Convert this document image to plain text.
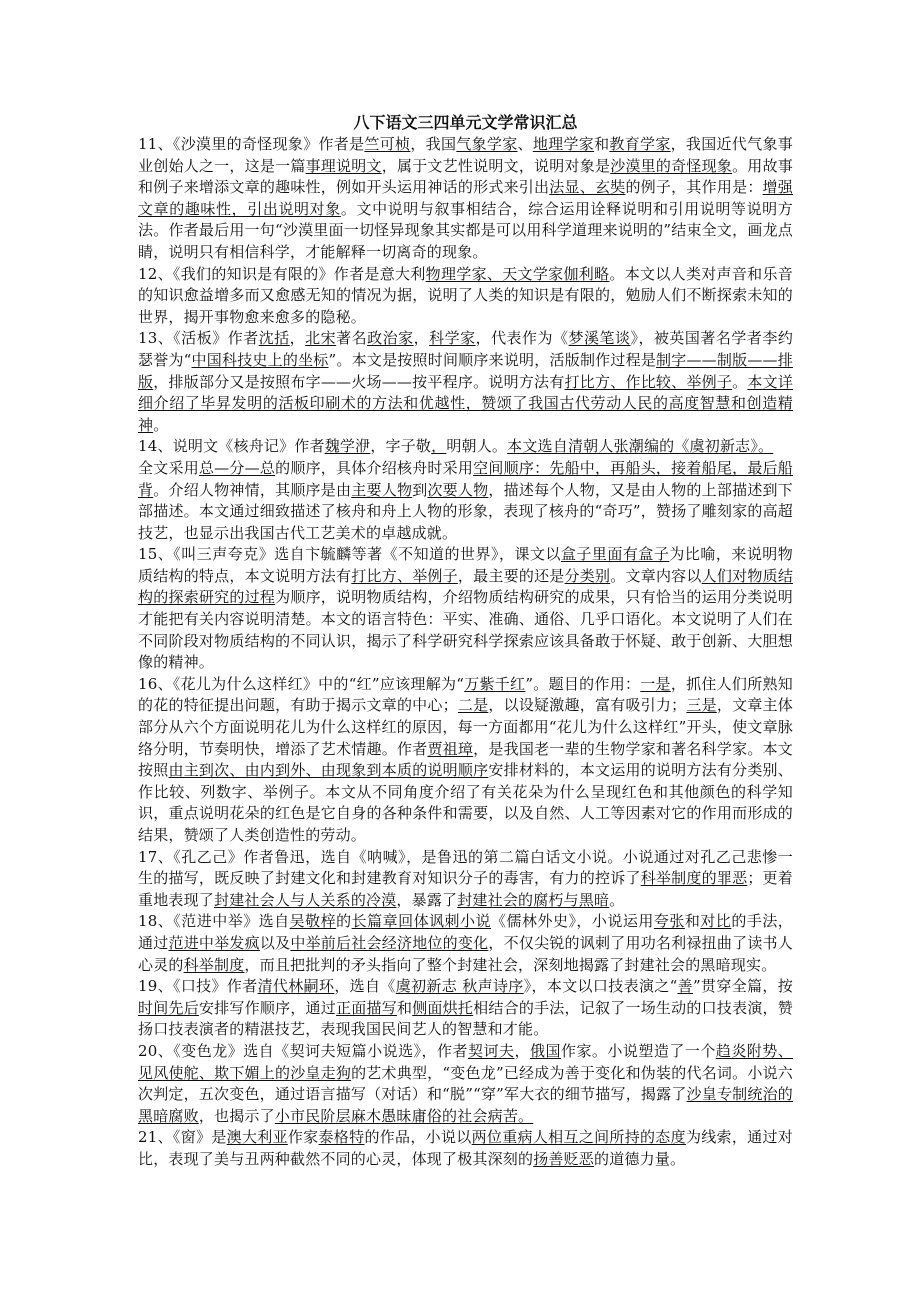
八下语文三四单元文学常识汇总

11、《沙漠里的奇怪现象》作者是竺可桢，我国气象学家、地理学家和教育学家，我国近代气象事业创始人之一，这是一篇事理说明文，属于文艺性说明文，说明对象是沙漠里的奇怪现象。用故事和例子来增添文章的趣味性，例如开头运用神话的形式来引出法显、玄奘的例子，其作用是：增强文章的趣味性，引出说明对象。文中说明与叙事相结合，综合运用诠释说明和引用说明等说明方法。作者最后用一句“沙漠里面一切怪异现象其实都是可以用科学道理来说明的”结束全文，画龙点睛，说明只有相信科学，才能解释一切离奇的现象。

12、《我们的知识是有限的》作者是意大利物理学家、天文学家伽利略。本文以人类对声音和乐音的知识愈益增多而又愈感无知的情况为据，说明了人类的知识是有限的，勉励人们不断探索未知的世界，揭开事物愈来愈多的隐秘。

13、《活板》作者沈括，北宋著名政治家，科学家，代表作为《梦溪笔谈》，被英国著名学者李约瑟誉为“中国科技史上的坐标”。本文是按照时间顺序来说明，活版制作过程是制字——制版——排版，排版部分又是按照布字——火场——按平程序。说明方法有打比方、作比较、举例子。本文详细介绍了毕昇发明的活板印刷术的方法和优越性，赞颂了我国古代劳动人民的高度智慧和创造精神。

14、说明文《核舟记》作者魏学洢，字子敬，明朝人。本文选自清朝人张潮编的《虞初新志》。

全文采用总—分—总的顺序，具体介绍核舟时采用空间顺序：先船中，再船头，接着船尾，最后船背。介绍人物神情，其顺序是由主要人物到次要人物，描述每个人物，又是由人物的上部描述到下部描述。本文通过细致描述了核舟和舟上人物的形象，表现了核舟的“奇巧”，赞扬了雕刻家的高超技艺，也显示出我国古代工艺美术的卓越成就。

15、《叫三声夸克》选自卞毓麟等著《不知道的世界》，课文以盒子里面有盒子为比喻，来说明物质结构的特点，本文说明方法有打比方、举例子，最主要的还是分类别。文章内容以人们对物质结构的探索研究的过程为顺序，说明物质结构，介绍物质结构研究的成果，只有恰当的运用分类说明才能把有关内容说明清楚。本文的语言特色：平实、准确、通俗、几乎口语化。本文说明了人们在不同阶段对物质结构的不同认识，揭示了科学研究科学探索应该具备敢于怀疑、敢于创新、大胆想像的精神。

16、《花儿为什么这样红》中的“红”应该理解为“万紫千红”。题目的作用：一是，抓住人们所熟知的花的特征提出问题，有助于揭示文章的中心；二是，以设疑激趣，富有吸引力；三是，文章主体部分从六个方面说明花儿为什么这样红的原因，每一方面都用“花儿为什么这样红”开头，使文章脉络分明，节奏明快，增添了艺术情趣。作者贾祖璋，是我国老一辈的生物学家和著名科学家。本文按照由主到次、由内到外、由现象到本质的说明顺序安排材料的，本文运用的说明方法有分类别、作比较、列数字、举例子。本文从不同角度介绍了有关花朵为什么呈现红色和其他颜色的科学知识，重点说明花朵的红色是它自身的各种条件和需要，以及自然、人工等因素对它的作用而形成的结果，赞颂了人类创造性的劳动。

17、《孔乙己》作者鲁迅，选自《呐喊》，是鲁迅的第二篇白话文小说。小说通过对孔乙己悲惨一生的描写，既反映了封建文化和封建教育对知识分子的毒害，有力的控诉了科举制度的罪恶；更着重地表现了封建社会人与人关系的冷漠，暴露了封建社会的腐朽与黑暗。

18、《范进中举》选自吴敬梓的长篇章回体讽刺小说《儒林外史》，小说运用夸张和对比的手法，通过范进中举发疯以及中举前后社会经济地位的变化，不仅尖锐的讽刺了用功名利禄扭曲了读书人心灵的科举制度，而且把批判的矛头指向了整个封建社会，深刻地揭露了封建社会的黑暗现实。

19、《口技》作者清代林嗣环，选自《虞初新志 秋声诗序》，本文以口技表演之“善”贯穿全篇，按时间先后安排写作顺序，通过正面描写和侧面烘托相结合的手法，记叙了一场生动的口技表演，赞扬口技表演者的精湛技艺，表现我国民间艺人的智慧和才能。

20、《变色龙》选自《契诃夫短篇小说选》，作者契诃夫，俄国作家。小说塑造了一个趋炎附势、见风使舵、欺下媚上的沙皇走狗的艺术典型，“变色龙”已经成为善于变化和伪装的代名词。小说六次判定，五次变色，通过语言描写（对话）和“脱”“穿”军大衣的细节描写，揭露了沙皇专制统治的黑暗腐败，也揭示了小市民阶层麻木愚昧庸俗的社会病苦。

21、《窗》是澳大利亚作家泰格特的作品，小说以两位重病人相互之间所持的态度为线索，通过对比，表现了美与丑两种截然不同的心灵，体现了极其深刻的扬善贬恶的道德力量。
